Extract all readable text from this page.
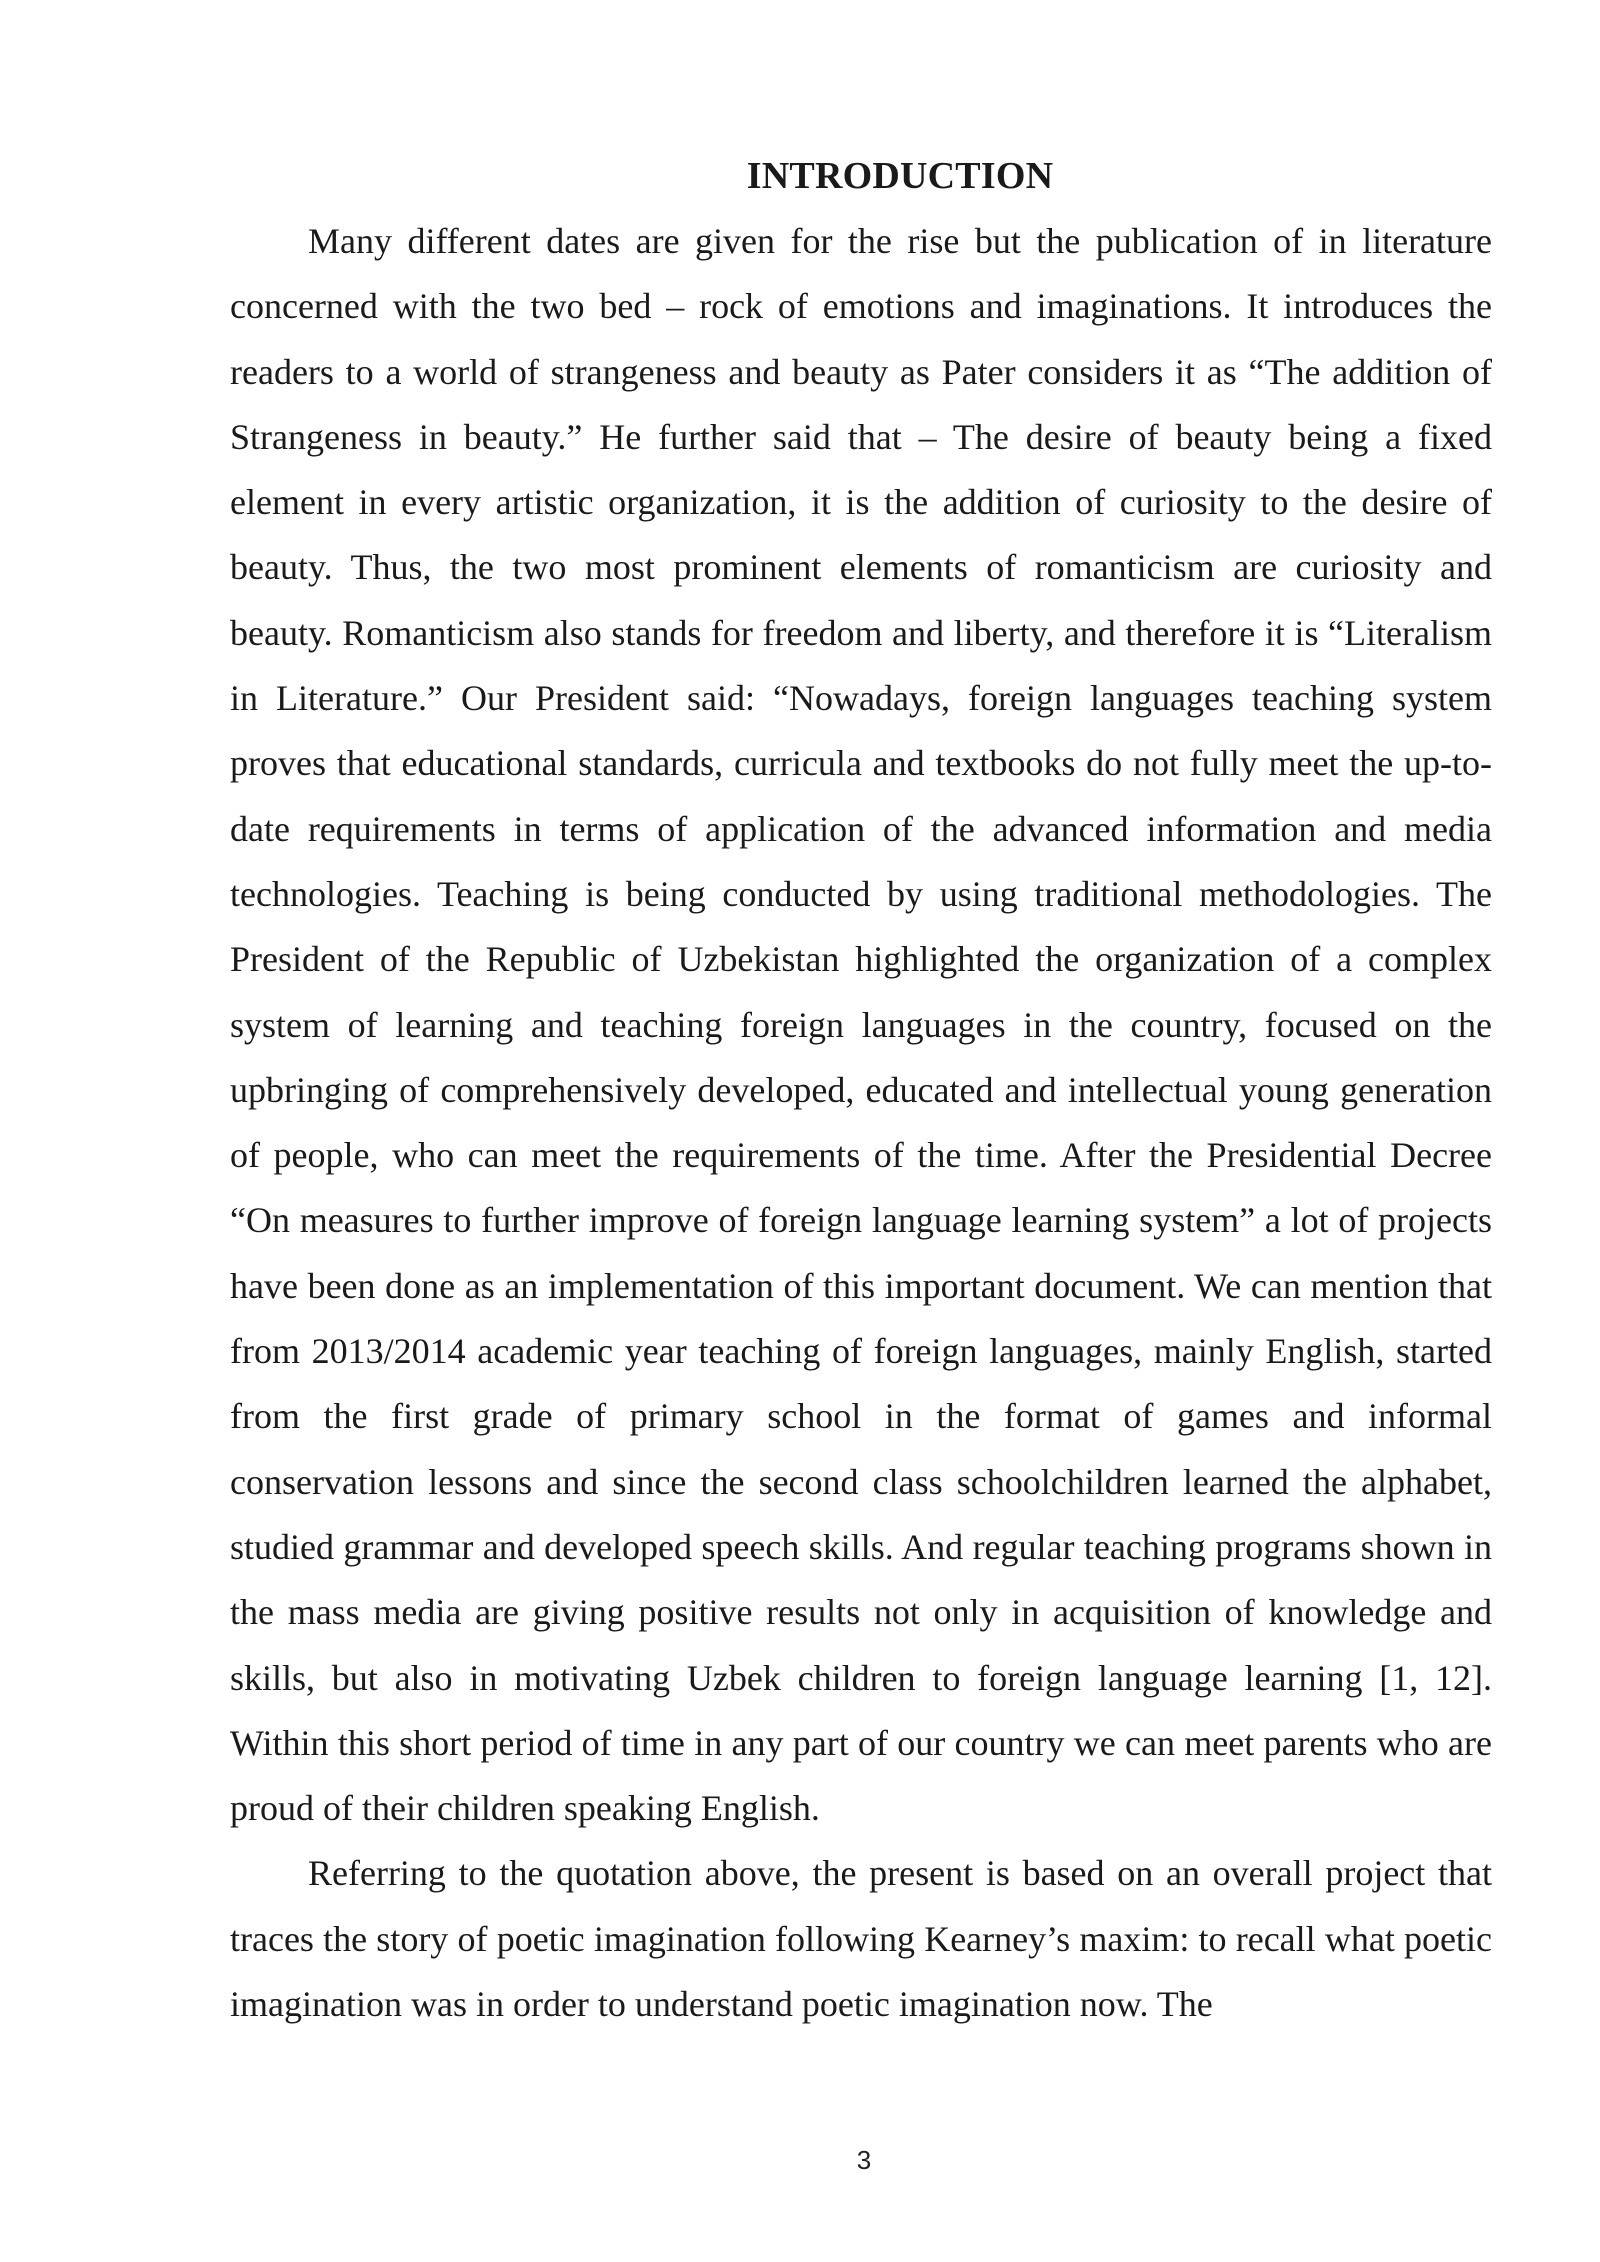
INTRODUCTION

Many different dates are given for the rise but the publication of in literature concerned with the two bed – rock of emotions and imaginations. It introduces the readers to a world of strangeness and beauty as Pater considers it as “The addition of Strangeness in beauty.” He further said that – The desire of beauty being a fixed element in every artistic organization, it is the addition of curiosity to the desire of beauty. Thus, the two most prominent elements of romanticism are curiosity and beauty. Romanticism also stands for freedom and liberty, and therefore it is “Literalism in Literature.” Our President said: “Nowadays, foreign languages teaching system proves that educational standards, curricula and textbooks do not fully meet the up-to-date requirements in terms of application of the advanced information and media technologies. Teaching is being conducted by using traditional methodologies. The President of the Republic of Uzbekistan highlighted the organization of a complex system of learning and teaching foreign languages in the country, focused on the upbringing of comprehensively developed, educated and intellectual young generation of people, who can meet the requirements of the time. After the Presidential Decree “On measures to further improve of foreign language learning system” a lot of projects have been done as an implementation of this important document. We can mention that from 2013/2014 academic year teaching of foreign languages, mainly English, started from the first grade of primary school in the format of games and informal conservation lessons and since the second class schoolchildren learned the alphabet, studied grammar and developed speech skills. And regular teaching programs shown in the mass media are giving positive results not only in acquisition of knowledge and skills, but also in motivating Uzbek children to foreign language learning [1, 12]. Within this short period of time in any part of our country we can meet parents who are proud of their children speaking English.

Referring to the quotation above, the present is based on an overall project that traces the story of poetic imagination following Kearney’s maxim: to recall what poetic imagination was in order to understand poetic imagination now. The

3
